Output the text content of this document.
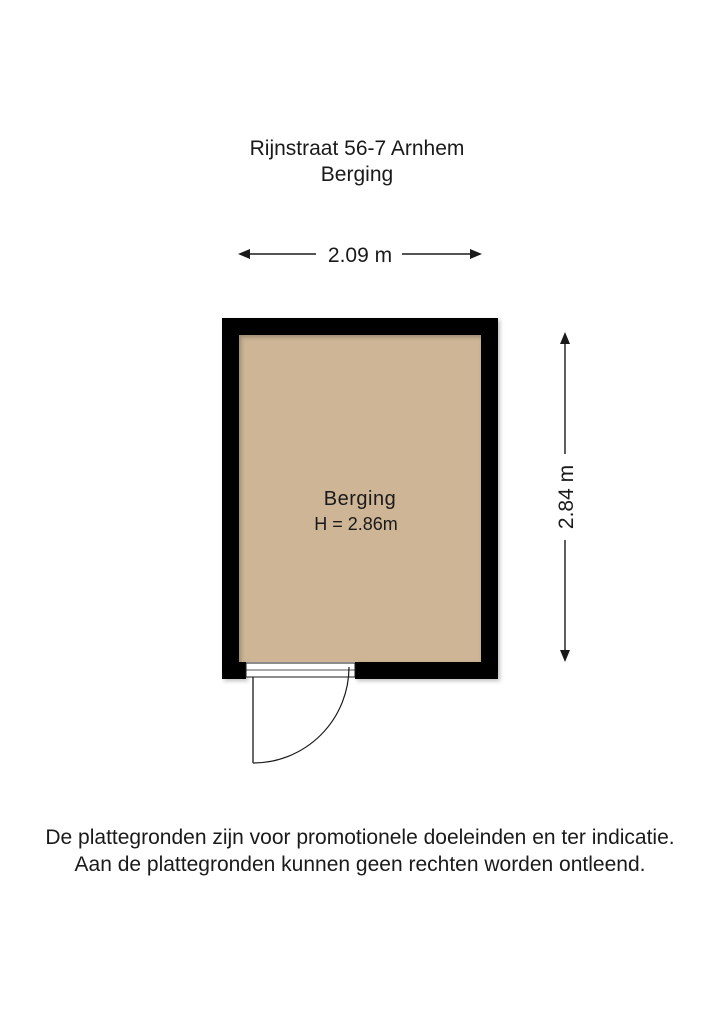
Rijnstraat 56-7 Arnhem
Berging
2.09 m
2.84 m
Berging
H = 2.86m
De plattegronden zijn voor promotionele doeleinden en ter indicatie.
Aan de plattegronden kunnen geen rechten worden ontleend.
